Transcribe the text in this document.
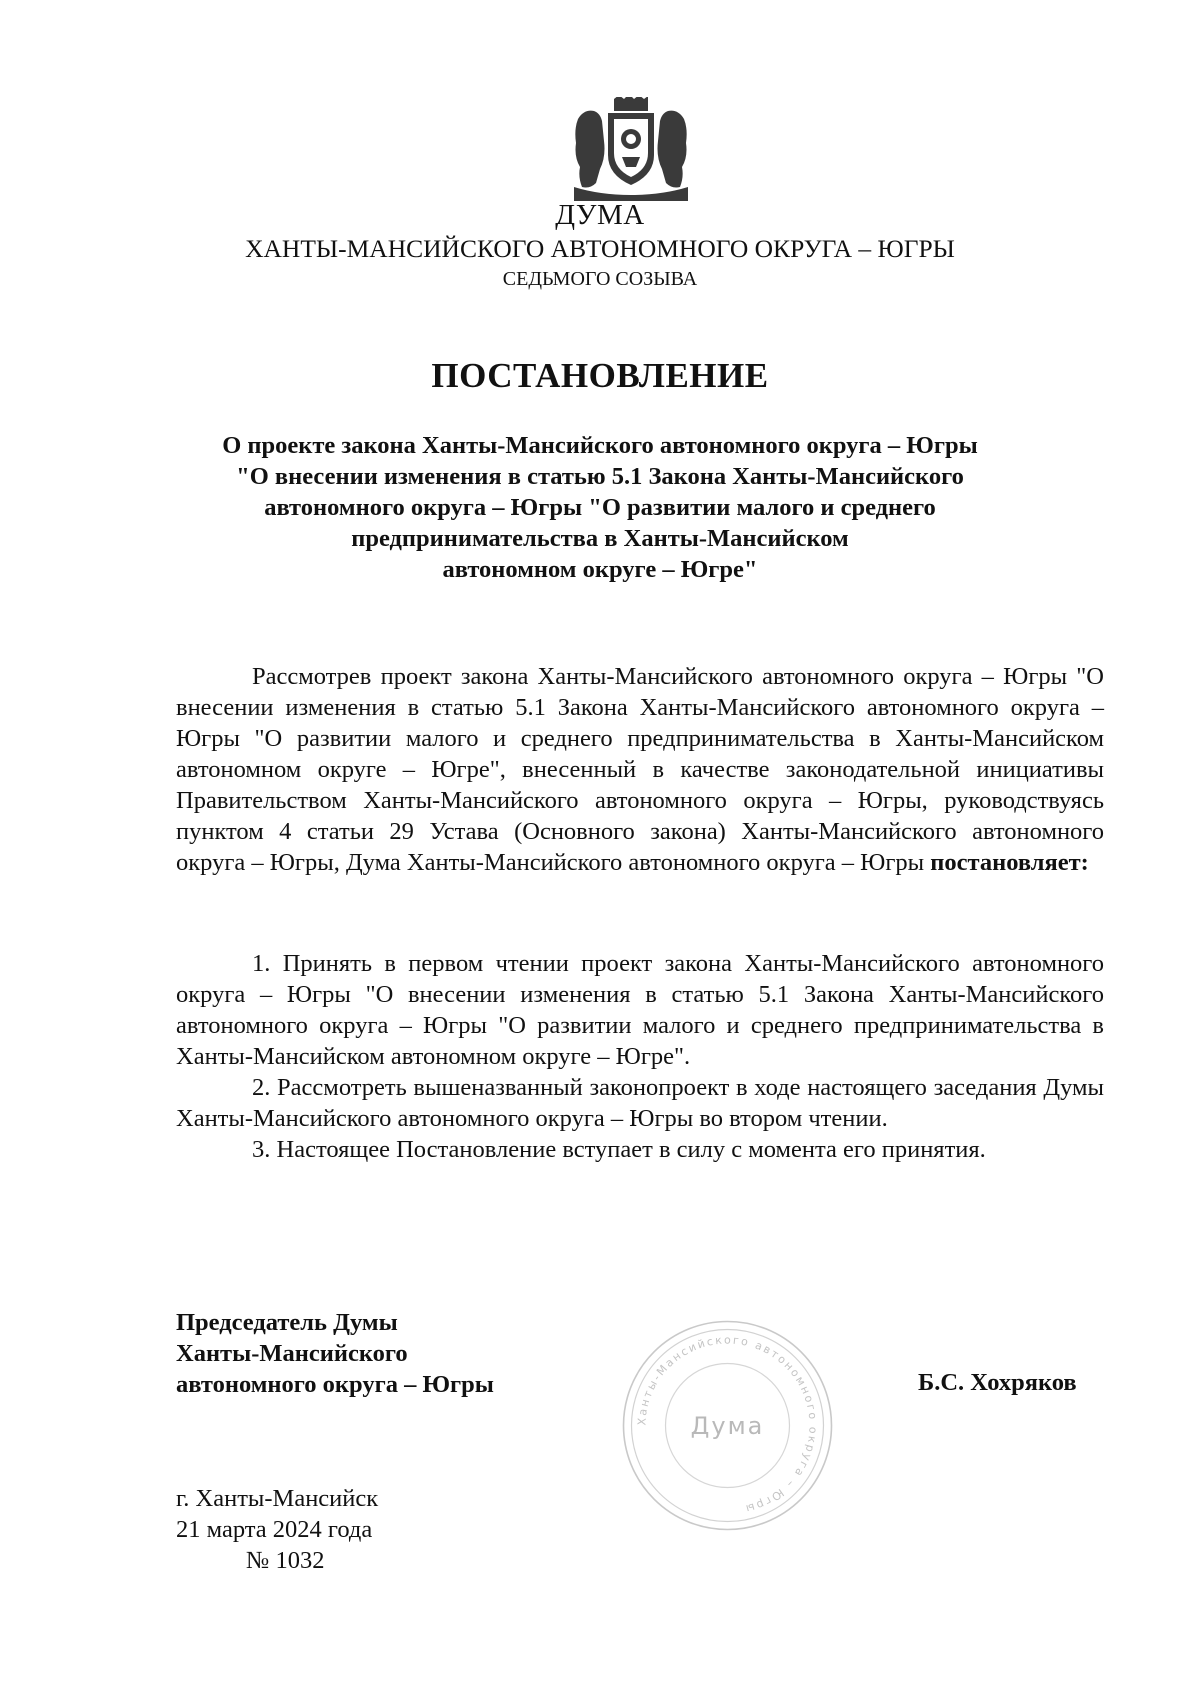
ДУМА
ХАНТЫ-МАНСИЙСКОГО АВТОНОМНОГО ОКРУГА – ЮГРЫ
СЕДЬМОГО СОЗЫВА
ПОСТАНОВЛЕНИЕ
О проекте закона Ханты-Мансийского автономного округа – Югры
"О внесении изменения в статью 5.1 Закона Ханты-Мансийского
автономного округа – Югры "О развитии малого и среднего
предпринимательства в Ханты-Мансийском
автономном округе – Югре"

Рассмотрев проект закона Ханты-Мансийского автономного округа – Югры "О внесении изменения в статью 5.1 Закона Ханты-Мансийского автономного округа – Югры "О развитии малого и среднего предпринимательства в Ханты-Мансийском автономном округе – Югре", внесенный в качестве законодательной инициативы Правительством Ханты-Мансийского автономного округа – Югры, руководствуясь пунктом 4 статьи 29 Устава (Основного закона) Ханты-Мансийского автономного округа – Югры, Дума Ханты-Мансийского автономного округа – Югры постановляет:

1. Принять в первом чтении проект закона Ханты-Мансийского автономного округа – Югры "О внесении изменения в статью 5.1 Закона Ханты-Мансийского автономного округа – Югры "О развитии малого и среднего предпринимательства в Ханты-Мансийском автономном округе – Югре".

2. Рассмотреть вышеназванный законопроект в ходе настоящего заседания Думы Ханты-Мансийского автономного округа – Югры во втором чтении.

3. Настоящее Постановление вступает в силу с момента его принятия.

Председатель Думы
Ханты-Мансийского
автономного округа – Югры
Ханты-Мансийского автономного округа – Югры
Дума
Б.С. Хохряков
г. Ханты-Мансийск
21 марта 2024 года
№ 1032
